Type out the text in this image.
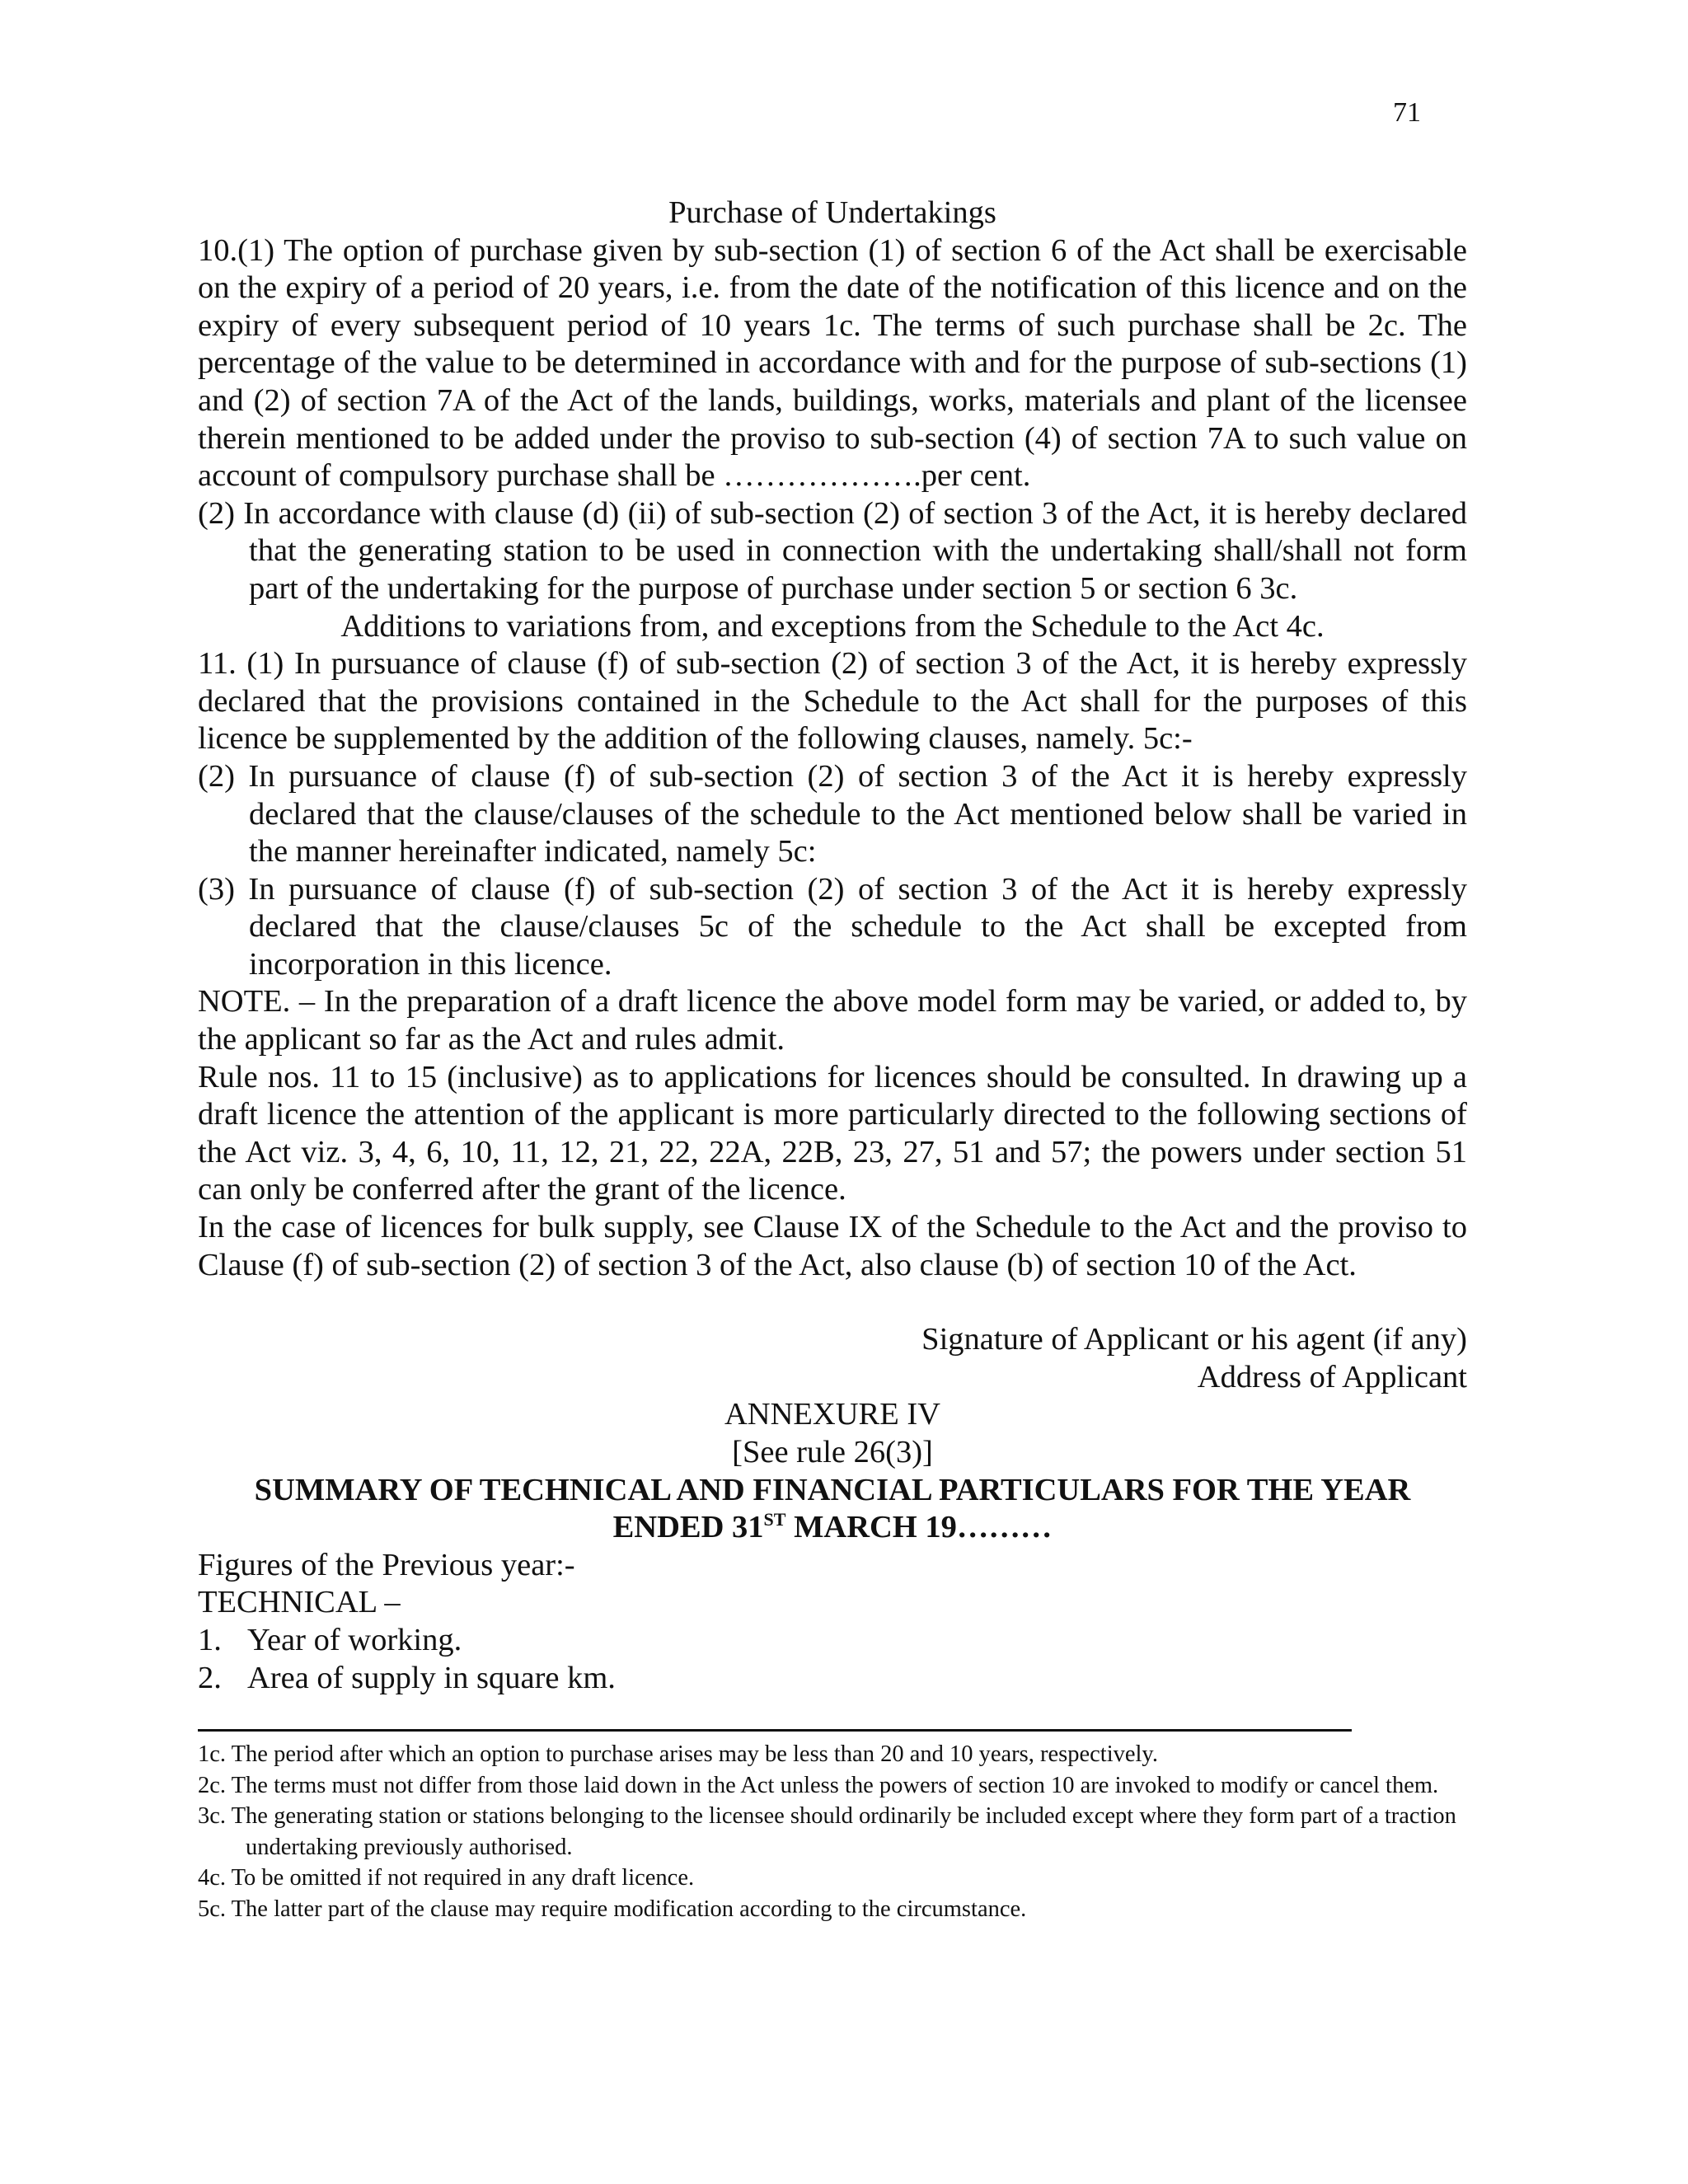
71

Purchase of Undertakings

10.(1) The option of purchase given by sub-section (1) of section 6 of the Act shall be exercisable on the expiry of a period of 20 years, i.e. from the date of the notification of this licence and on the expiry of every subsequent period of 10 years 1c. The terms of such purchase shall be 2c. The percentage of the value to be determined in accordance with and for the purpose of sub-sections (1) and (2) of section 7A of the Act of the lands, buildings, works, materials and plant of the licensee therein mentioned to be added under the proviso to sub-section (4) of section 7A to such value on account of compulsory purchase shall be ……………….per cent.

(2) In accordance with clause (d) (ii) of sub-section (2) of section 3 of the Act, it is hereby declared that the generating station to be used in connection with the undertaking shall/shall not form part of the undertaking for the purpose of purchase under section 5 or section 6 3c.

Additions to variations from, and exceptions from the Schedule to the Act 4c.

11. (1) In pursuance of clause (f) of sub-section (2) of section 3 of the Act, it is hereby expressly declared that the provisions contained in the Schedule to the Act shall for the purposes of this licence be supplemented by the addition of the following clauses, namely. 5c:-

(2) In pursuance of clause (f) of sub-section (2) of section 3 of the Act it is hereby expressly declared that the clause/clauses of the schedule to the Act mentioned below shall be varied in the manner hereinafter indicated, namely 5c:

(3) In pursuance of clause (f) of sub-section (2) of section 3 of the Act it is hereby expressly declared that the clause/clauses 5c of the schedule to the Act shall be excepted from incorporation in this licence.

NOTE. – In the preparation of a draft licence the above model form may be varied, or added to, by the applicant so far as the Act and rules admit.

Rule nos. 11 to 15 (inclusive) as to applications for licences should be consulted. In drawing up a draft licence the attention of the applicant is more particularly directed to the following sections of the Act viz. 3, 4, 6, 10, 11, 12, 21, 22, 22A, 22B, 23, 27, 51 and 57; the powers under section 51 can only be conferred after the grant of the licence.

In the case of licences for bulk supply, see Clause IX of the Schedule to the Act and the proviso to Clause (f) of sub-section (2) of section 3 of the Act, also clause (b) of section 10 of the Act.

Signature of Applicant or his agent (if any)

Address of Applicant

ANNEXURE IV

[See rule 26(3)]

SUMMARY OF TECHNICAL AND FINANCIAL PARTICULARS FOR THE YEAR

ENDED 31ST MARCH 19………

Figures of the Previous year:-

TECHNICAL –

1. Year of working.
2. Area of supply in square km.

1c. The period after which an option to purchase arises may be less than 20 and 10 years, respectively.

2c. The terms must not differ from those laid down in the Act unless the powers of section 10 are invoked to modify or cancel them.

3c. The generating station or stations belonging to the licensee should ordinarily be included except where they form part of a traction undertaking previously authorised.

4c. To be omitted if not required in any draft licence.

5c. The latter part of the clause may require modification according to the circumstance.
